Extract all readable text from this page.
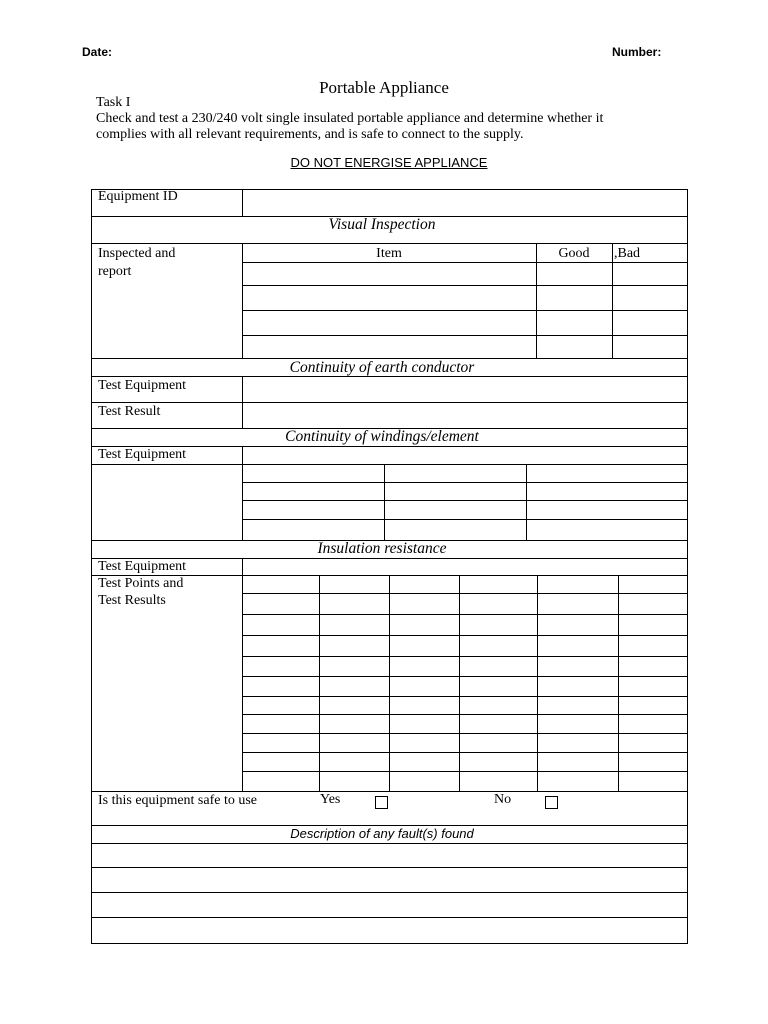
Date:	Number:
Portable Appliance
Task I
Check and test a 230/240 volt single insulated portable appliance and determine whether it
complies with all relevant requirements, and is safe to connect to the supply.
DO NOT ENERGISE APPLIANCE
Equipment ID
Visual Inspection
Inspected and
report
Item	Good	,Bad
Continuity of earth conductor
Test Equipment
Test Result
Continuity of windings/element
Test Equipment
Insulation resistance
Test Equipment
Test Points and
Test Results
Is this equipment safe to use	Yes	No
Description of any fault(s) found
